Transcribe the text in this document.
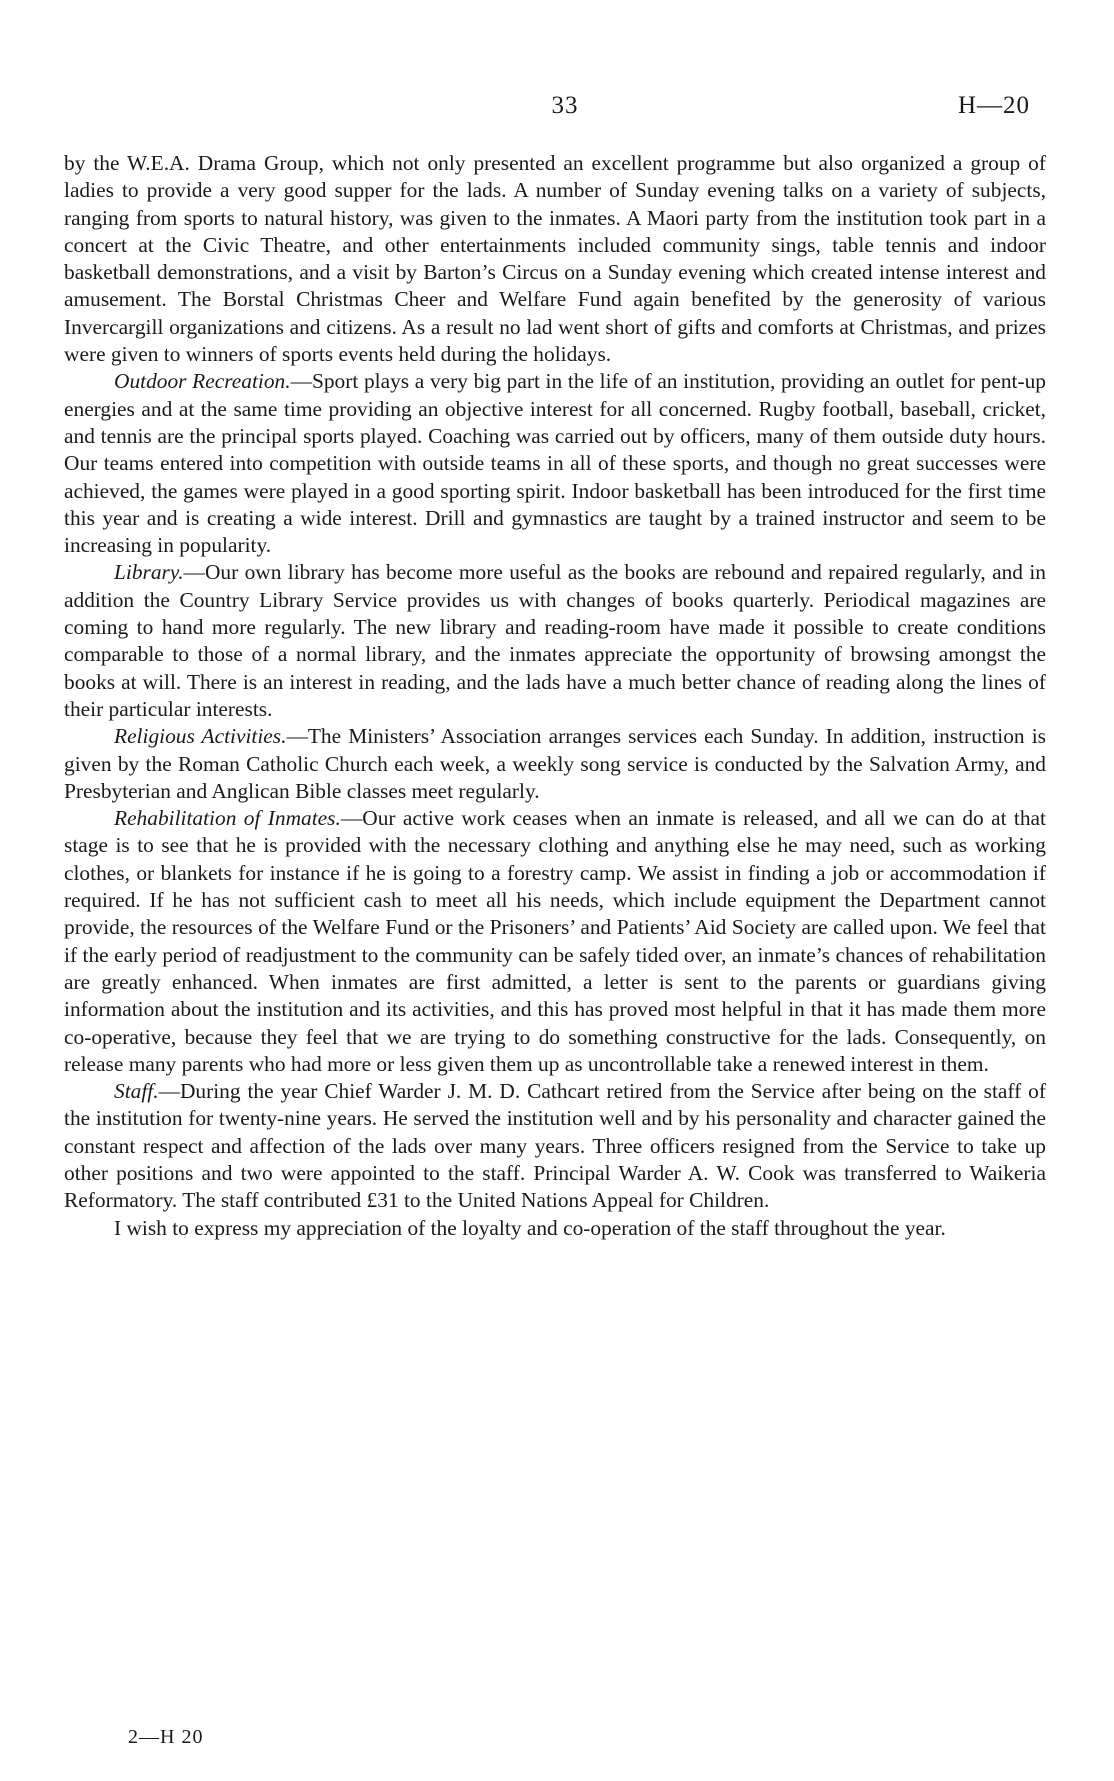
33	H—20

by the W.E.A. Drama Group, which not only presented an excellent programme but also organized a group of ladies to provide a very good supper for the lads. A number of Sunday evening talks on a variety of subjects, ranging from sports to natural history, was given to the inmates. A Maori party from the institution took part in a concert at the Civic Theatre, and other entertainments included community sings, table tennis and indoor basketball demonstrations, and a visit by Barton’s Circus on a Sunday evening which created intense interest and amusement. The Borstal Christmas Cheer and Welfare Fund again benefited by the generosity of various Invercargill organizations and citizens. As a result no lad went short of gifts and comforts at Christmas, and prizes were given to winners of sports events held during the holidays.

Outdoor Recreation.—Sport plays a very big part in the life of an institution, providing an outlet for pent-up energies and at the same time providing an objective interest for all concerned. Rugby football, baseball, cricket, and tennis are the principal sports played. Coaching was carried out by officers, many of them outside duty hours. Our teams entered into competition with outside teams in all of these sports, and though no great successes were achieved, the games were played in a good sporting spirit. Indoor basketball has been introduced for the first time this year and is creating a wide interest. Drill and gymnastics are taught by a trained instructor and seem to be increasing in popularity.

Library.—Our own library has become more useful as the books are rebound and repaired regularly, and in addition the Country Library Service provides us with changes of books quarterly. Periodical magazines are coming to hand more regularly. The new library and reading-room have made it possible to create conditions comparable to those of a normal library, and the inmates appreciate the opportunity of browsing amongst the books at will. There is an interest in reading, and the lads have a much better chance of reading along the lines of their particular interests.

Religious Activities.—The Ministers’ Association arranges services each Sunday. In addition, instruction is given by the Roman Catholic Church each week, a weekly song service is conducted by the Salvation Army, and Presbyterian and Anglican Bible classes meet regularly.

Rehabilitation of Inmates.—Our active work ceases when an inmate is released, and all we can do at that stage is to see that he is provided with the necessary clothing and anything else he may need, such as working clothes, or blankets for instance if he is going to a forestry camp. We assist in finding a job or accommodation if required. If he has not sufficient cash to meet all his needs, which include equipment the Department cannot provide, the resources of the Welfare Fund or the Prisoners’ and Patients’ Aid Society are called upon. We feel that if the early period of readjustment to the community can be safely tided over, an inmate’s chances of rehabilitation are greatly enhanced. When inmates are first admitted, a letter is sent to the parents or guardians giving information about the institution and its activities, and this has proved most helpful in that it has made them more co-operative, because they feel that we are trying to do something constructive for the lads. Consequently, on release many parents who had more or less given them up as uncontrollable take a renewed interest in them.

Staff.—During the year Chief Warder J. M. D. Cathcart retired from the Service after being on the staff of the institution for twenty-nine years. He served the institution well and by his personality and character gained the constant respect and affection of the lads over many years. Three officers resigned from the Service to take up other positions and two were appointed to the staff. Principal Warder A. W. Cook was transferred to Waikeria Reformatory. The staff contributed £31 to the United Nations Appeal for Children.

I wish to express my appreciation of the loyalty and co-operation of the staff throughout the year.

2—H 20
